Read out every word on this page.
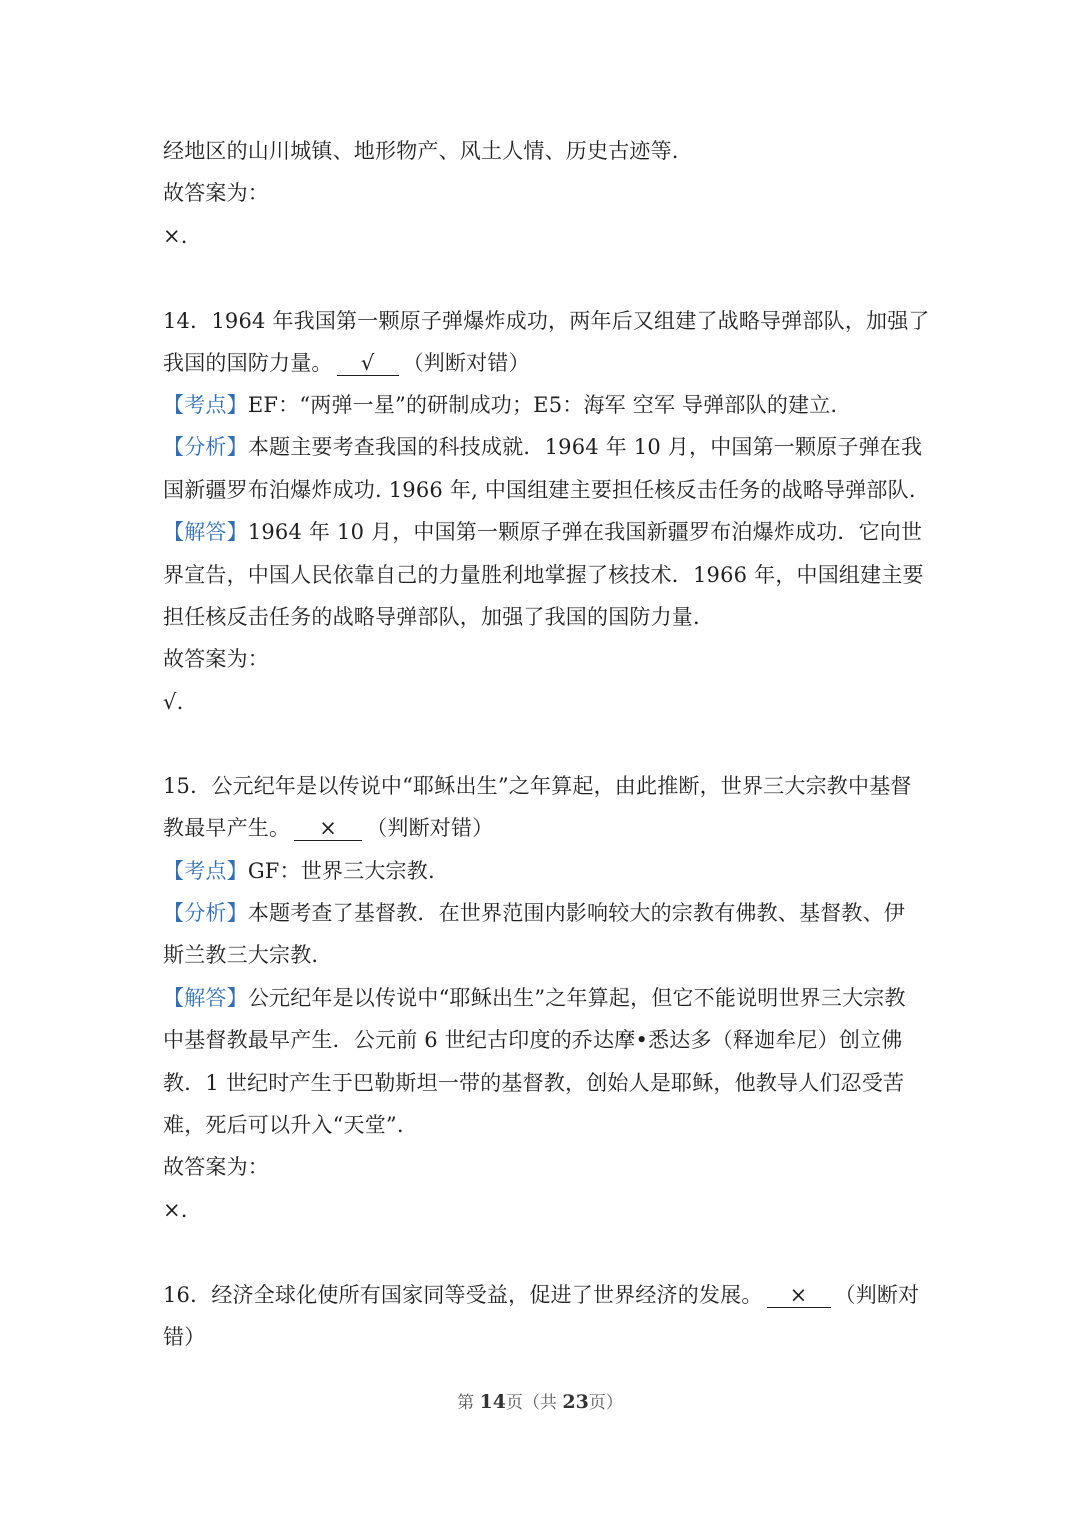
经地区的山川城镇、地形物产、风土人情、历史古迹等.
故答案为：
×.
14．1964 年我国第一颗原子弹爆炸成功，两年后又组建了战略导弹部队，加强了
我国的国防力量。 √ （判断对错）
【考点】EF：“两弹一星”的研制成功；E5：海军 空军 导弹部队的建立.
【分析】本题主要考查我国的科技成就．1964 年 10 月，中国第一颗原子弹在我
国新疆罗布泊爆炸成功. 1966 年, 中国组建主要担任核反击任务的战略导弹部队.
【解答】1964 年 10 月，中国第一颗原子弹在我国新疆罗布泊爆炸成功．它向世
界宣告，中国人民依靠自己的力量胜利地掌握了核技术．1966 年，中国组建主要
担任核反击任务的战略导弹部队，加强了我国的国防力量.
故答案为：
√.
15．公元纪年是以传说中“耶稣出生”之年算起，由此推断，世界三大宗教中基督
教最早产生。 × （判断对错）
【考点】GF：世界三大宗教.
【分析】本题考查了基督教．在世界范围内影响较大的宗教有佛教、基督教、伊
斯兰教三大宗教.
【解答】公元纪年是以传说中“耶稣出生”之年算起，但它不能说明世界三大宗教
中基督教最早产生．公元前 6 世纪古印度的乔达摩•悉达多（释迦牟尼）创立佛
教．1 世纪时产生于巴勒斯坦一带的基督教，创始人是耶稣，他教导人们忍受苦
难，死后可以升入“天堂”.
故答案为：
×.
16．经济全球化使所有国家同等受益，促进了世界经济的发展。 × （判断对
错）
第 14页（共 23页）
